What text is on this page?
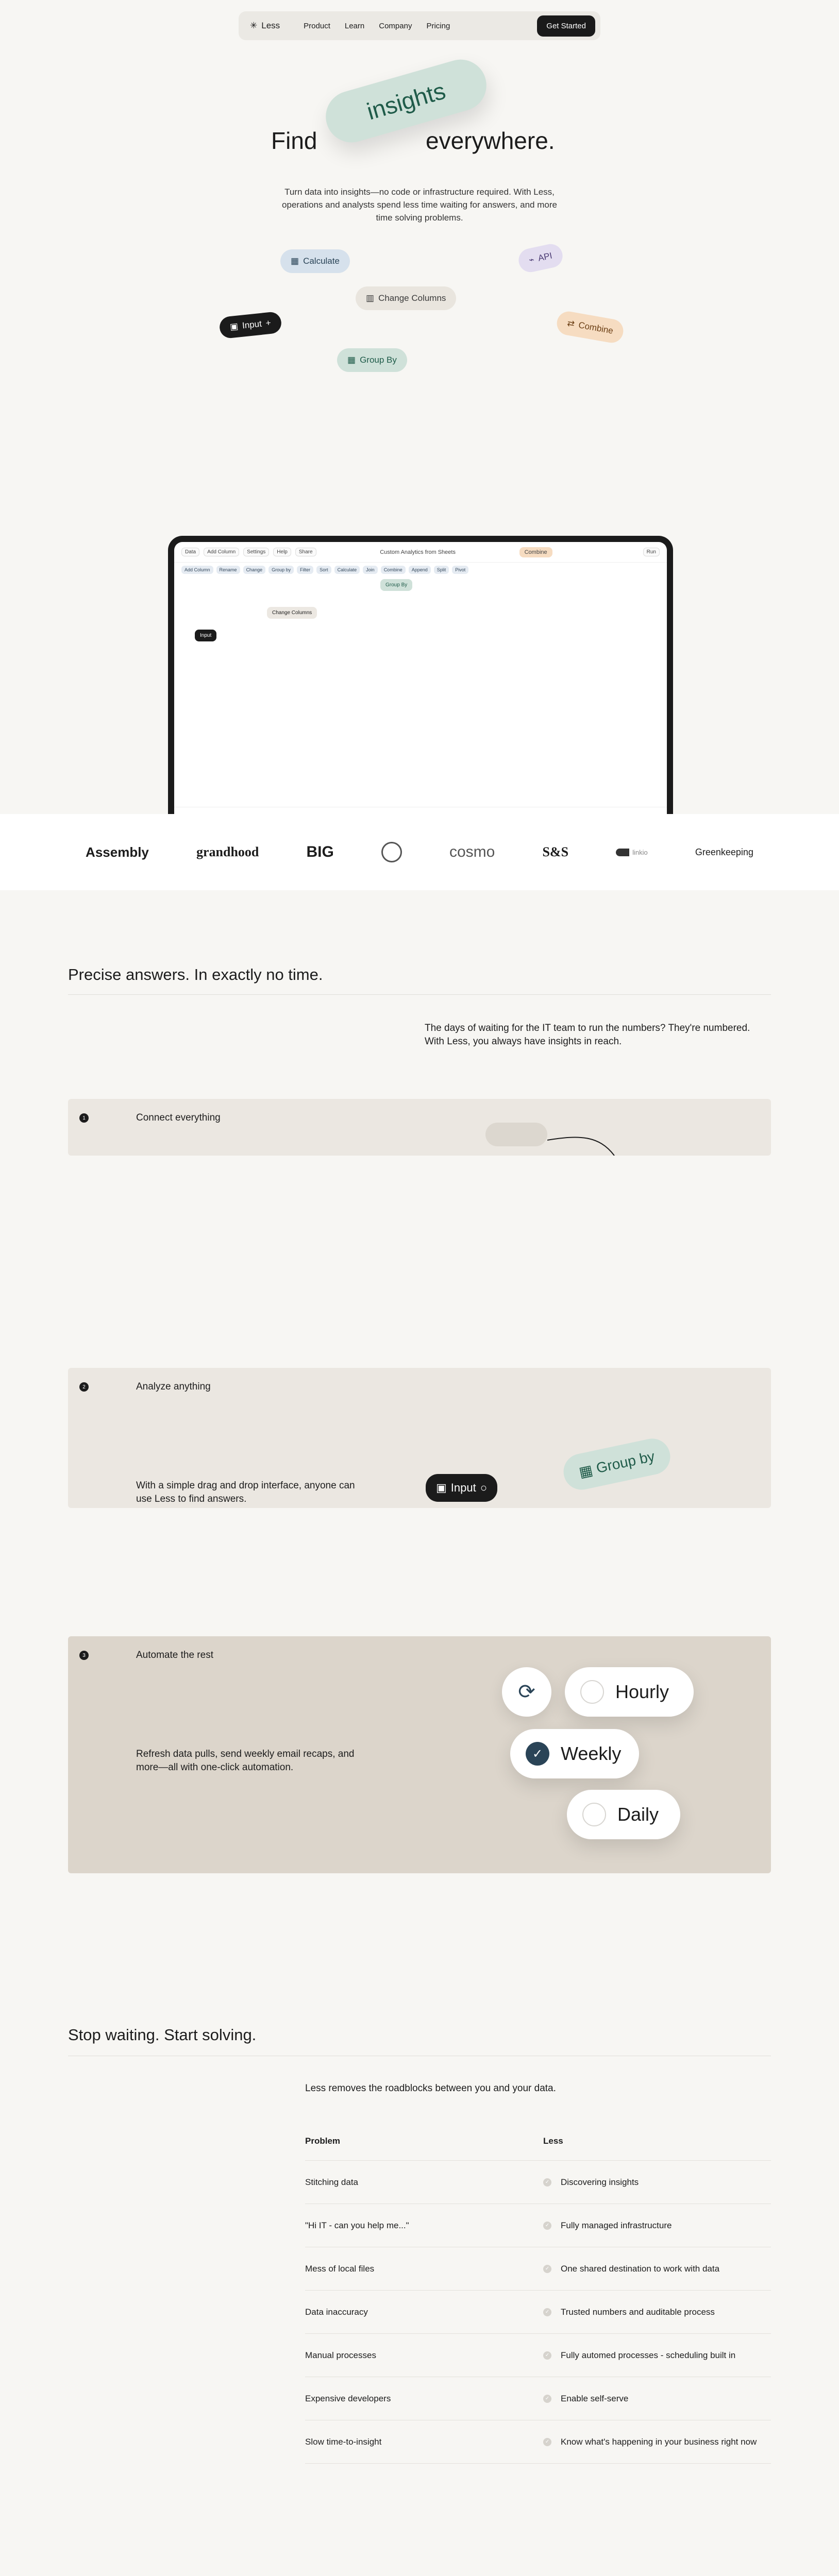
✳ Less	Product Learn Company Pricing	Get Started
Find
insights
everywhere.
Turn data into insights—no code or infrastructure required. With Less, operations and analysts spend less time waiting for answers, and more time solving problems.
▦ Calculate	⌁ API
▥ Change Columns
▣ Input +	⇄ Combine
▦ Group By
Data	Add Column	Settings	Help	Share	Custom Analytics from Sheets	Combine	Run
Add Column	Rename	Change	Group by	Filter	Sort	Calculate	Join	Combine	Append	Split	Pivot
Group By
Change Columns
Input
Assembly	grandhood	BIG	cosmo	S&S	linkio	Greenkeeping
Precise answers. In exactly no time.
The days of waiting for the IT team to run the numbers? They're numbered. With Less, you always have insights in reach.
1	Connect everything
2	Analyze anything
With a simple drag and drop interface, anyone can use Less to find answers.
▣ Input ○
▦ Group by
3	Automate the rest
Refresh data pulls, send weekly email recaps, and more—all with one-click automation.
⟳	Hourly
✓ Weekly
Daily
Stop waiting. Start solving.
Less removes the roadblocks between you and your data.
Problem	Less
Stitching data	✓ Discovering insights
"Hi IT - can you help me..."	✓ Fully managed infrastructure
Mess of local files	✓ One shared destination to work with data
Data inaccuracy	✓ Trusted numbers and auditable process
Manual processes	✓ Fully automed processes - scheduling built in
Expensive developers	✓ Enable self-serve
Slow time-to-insight	✓ Know what's happening in your business right now
